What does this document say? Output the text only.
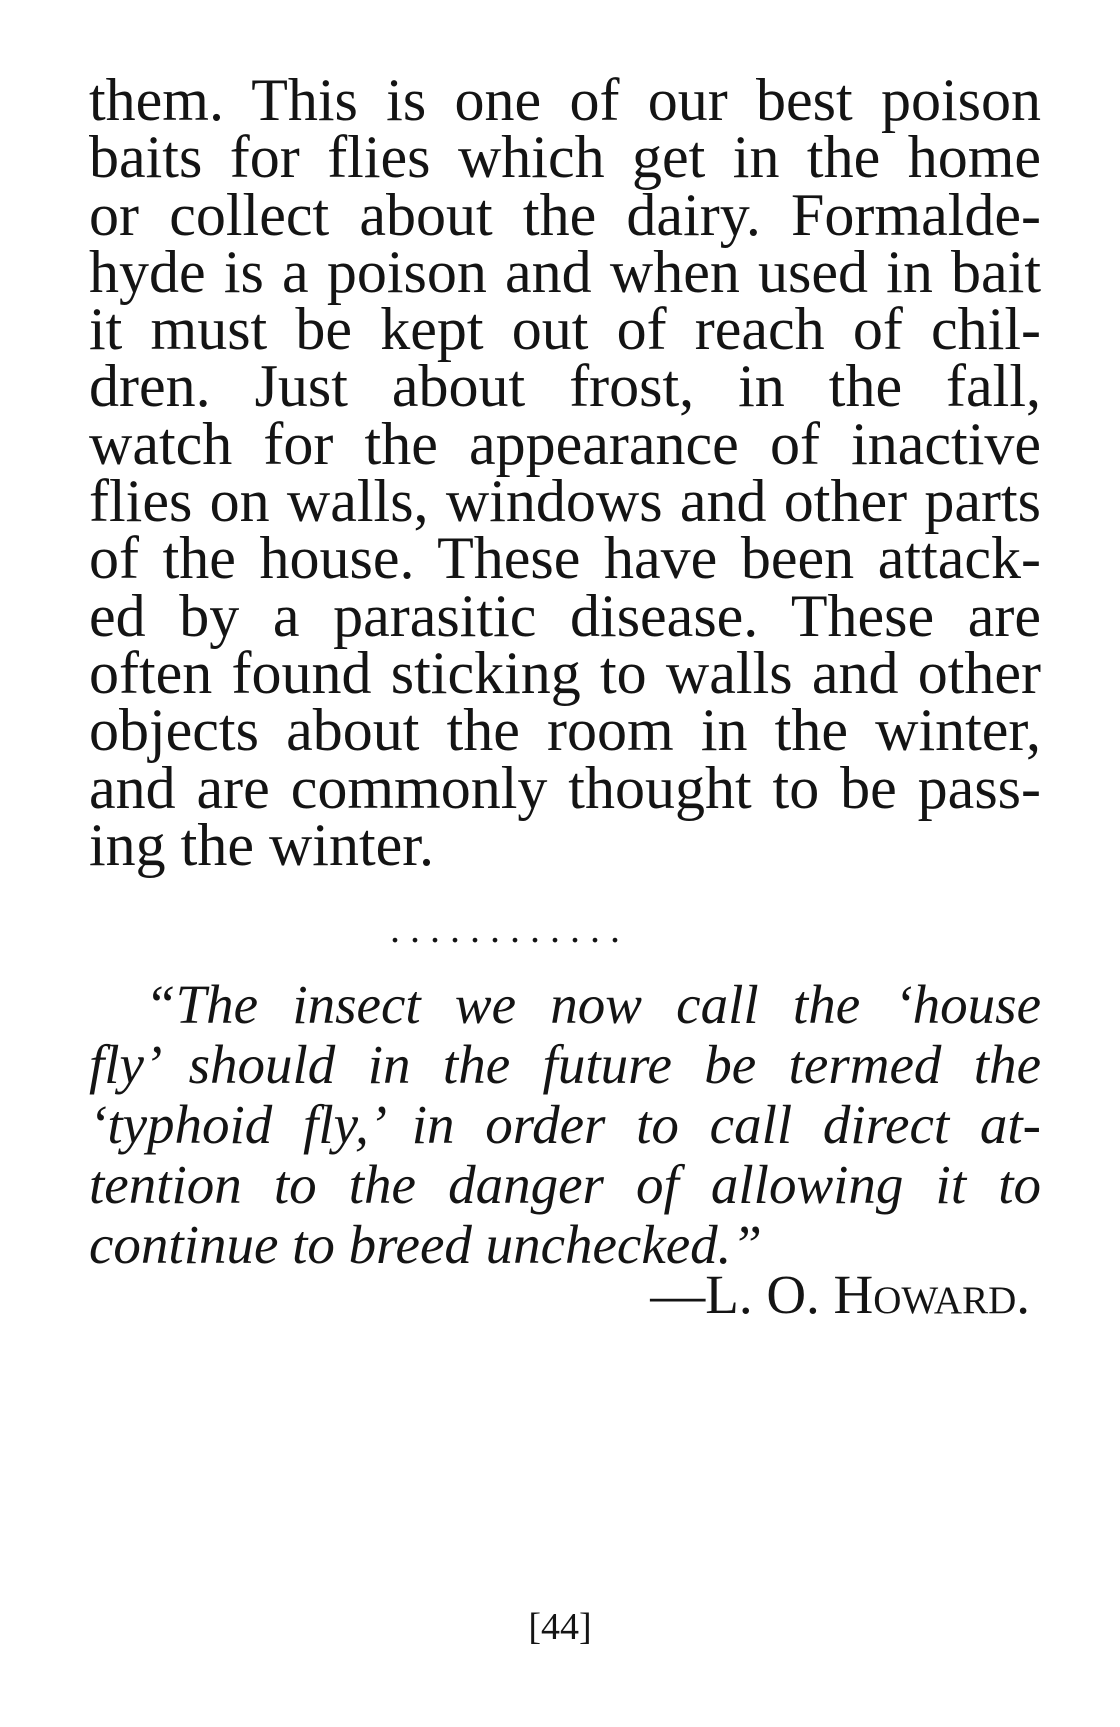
them. This is one of our best poison
baits for flies which get in the home
or collect about the dairy. Formalde-
hyde is a poison and when used in bait
it must be kept out of reach of chil-
dren. Just about frost, in the fall,
watch for the appearance of inactive
flies on walls, windows and other parts
of the house. These have been attack-
ed by a parasitic disease. These are
often found sticking to walls and other
objects about the room in the winter,
and are commonly thought to be pass-
ing the winter.
............
“The insect we now call the ‘house
fly’ should in the future be termed the
‘typhoid fly,’ in order to call direct at-
tention to the danger of allowing it to
continue to breed unchecked.”
—L. O. Howard.
[44]
